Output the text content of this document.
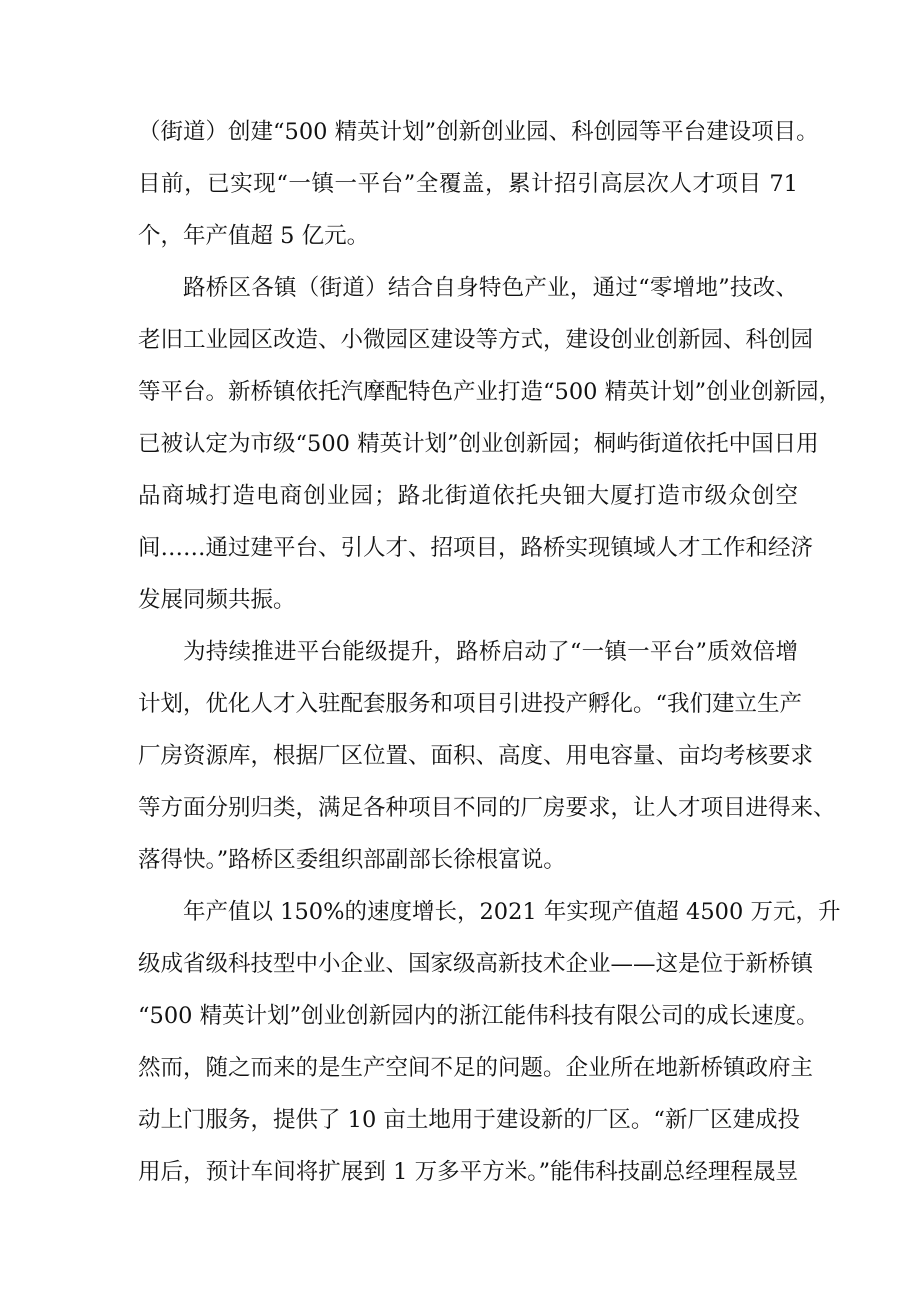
（街道）创建“500 精英计划”创新创业园、科创园等平台建设项目。
目前，已实现“一镇一平台”全覆盖，累计招引高层次人才项目 71
个，年产值超 5 亿元。
路桥区各镇（街道）结合自身特色产业，通过“零增地”技改、
老旧工业园区改造、小微园区建设等方式，建设创业创新园、科创园
等平台。新桥镇依托汽摩配特色产业打造“500 精英计划”创业创新园，
已被认定为市级“500 精英计划”创业创新园；桐屿街道依托中国日用
品商城打造电商创业园；路北街道依托央钿大厦打造市级众创空
间……通过建平台、引人才、招项目，路桥实现镇域人才工作和经济
发展同频共振。
为持续推进平台能级提升，路桥启动了“一镇一平台”质效倍增
计划，优化人才入驻配套服务和项目引进投产孵化。“我们建立生产
厂房资源库，根据厂区位置、面积、高度、用电容量、亩均考核要求
等方面分别归类，满足各种项目不同的厂房要求，让人才项目进得来、
落得快。”路桥区委组织部副部长徐根富说。
年产值以 150%的速度增长，2021 年实现产值超 4500 万元，升
级成省级科技型中小企业、国家级高新技术企业——这是位于新桥镇
“500 精英计划”创业创新园内的浙江能伟科技有限公司的成长速度。
然而，随之而来的是生产空间不足的问题。企业所在地新桥镇政府主
动上门服务，提供了 10 亩土地用于建设新的厂区。“新厂区建成投
用后，预计车间将扩展到 1 万多平方米。”能伟科技副总经理程晟昱
